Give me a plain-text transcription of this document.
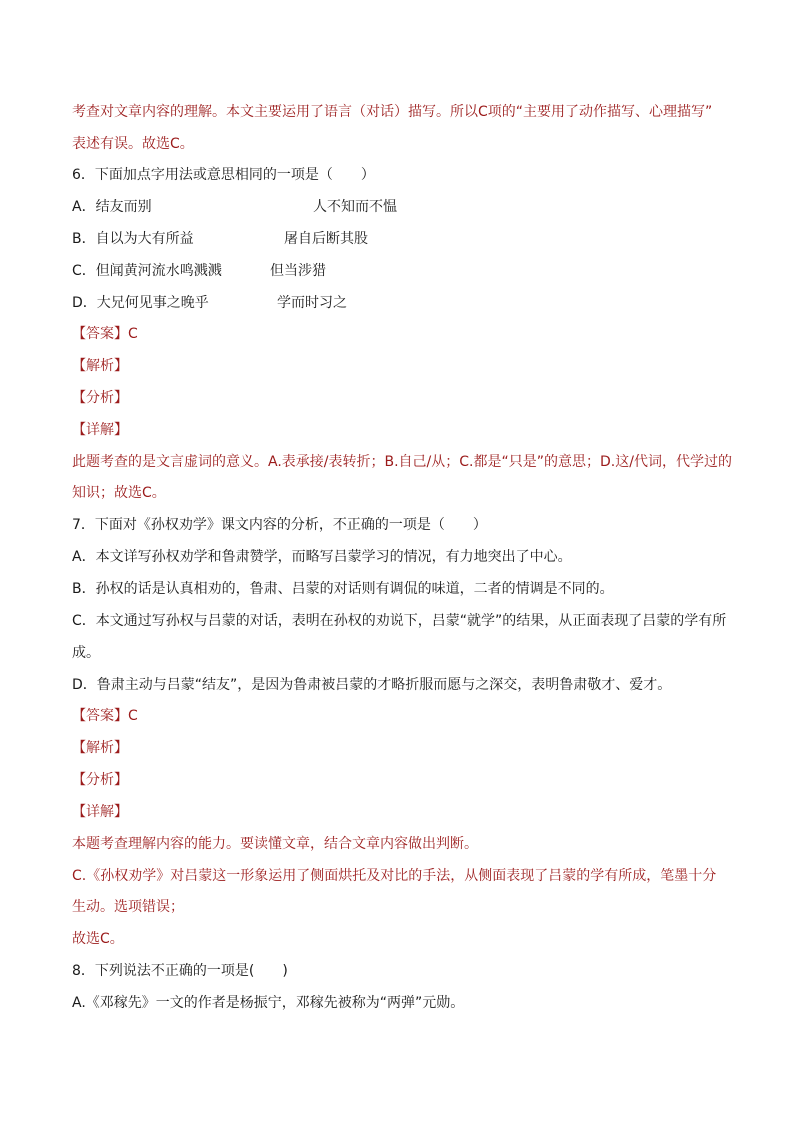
考查对文章内容的理解。本文主要运用了语言（对话）描写。所以C项的“主要用了动作描写、心理描写”
表述有误。故选C。
6．下面加点字用法或意思相同的一项是（　　）
A．结友而别	人不知而不愠
B．自以为大有所益	屠自后断其股
C．但闻黄河流水鸣溅溅	但当涉猎
D．大兄何见事之晚乎	学而时习之
【答案】C
【解析】
【分析】
【详解】
此题考查的是文言虚词的意义。A.表承接/表转折；B.自己/从；C.都是“只是”的意思；D.这/代词，代学过的
知识；故选C。
7．下面对《孙权劝学》课文内容的分析，不正确的一项是（　　）
A．本文详写孙权劝学和鲁肃赞学，而略写吕蒙学习的情况，有力地突出了中心。
B．孙权的话是认真相劝的，鲁肃、吕蒙的对话则有调侃的味道，二者的情调是不同的。
C．本文通过写孙权与吕蒙的对话，表明在孙权的劝说下，吕蒙“就学”的结果，从正面表现了吕蒙的学有所
成。
D．鲁肃主动与吕蒙“结友”，是因为鲁肃被吕蒙的才略折服而愿与之深交，表明鲁肃敬才、爱才。
【答案】C
【解析】
【分析】
【详解】
本题考查理解内容的能力。要读懂文章，结合文章内容做出判断。
C.《孙权劝学》对吕蒙这一形象运用了侧面烘托及对比的手法，从侧面表现了吕蒙的学有所成，笔墨十分
生动。选项错误；
故选C。
8．下列说法不正确的一项是(　　)
A.《邓稼先》一文的作者是杨振宁，邓稼先被称为“两弹”元勋。
